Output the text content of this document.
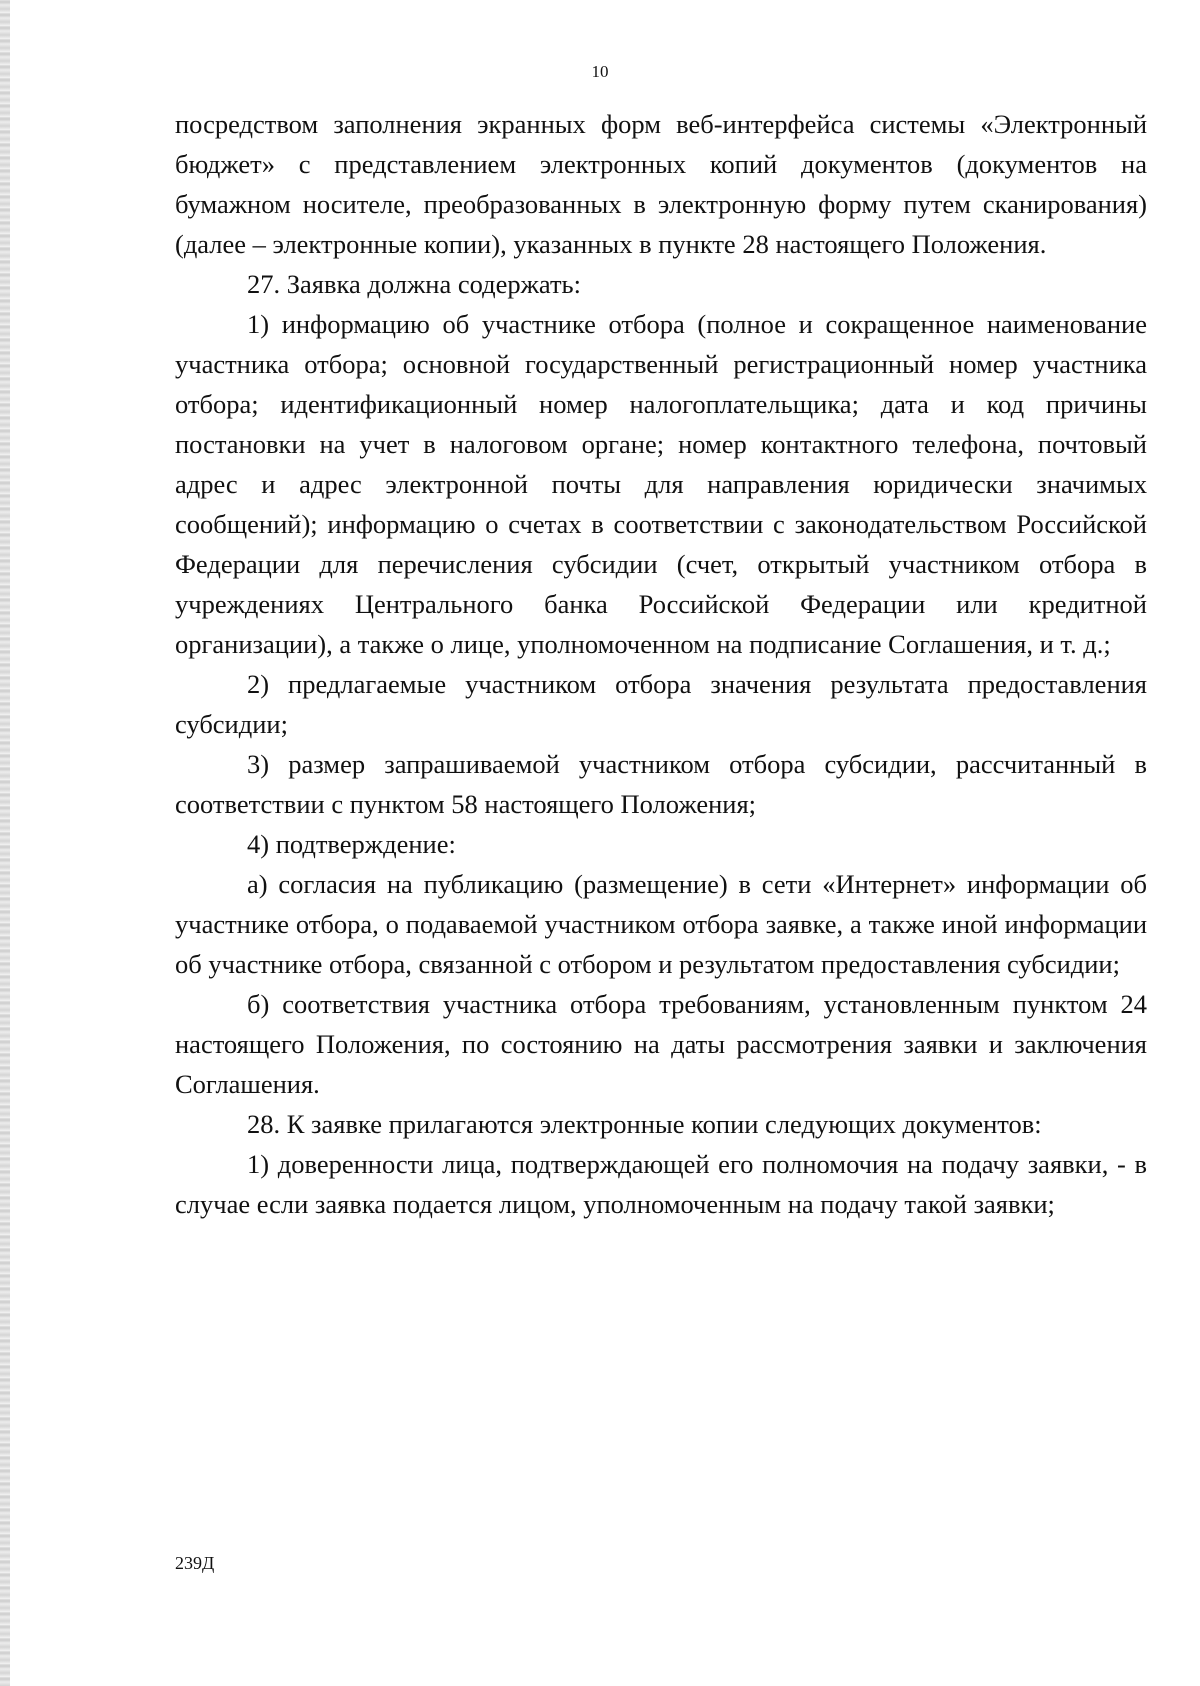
10

посредством заполнения экранных форм веб-интерфейса системы «Электронный бюджет» с представлением электронных копий документов (документов на бумажном носителе, преобразованных в электронную форму путем сканирования) (далее – электронные копии), указанных в пункте 28 настоящего Положения.

27. Заявка должна содержать:

1) информацию об участнике отбора (полное и сокращенное наименование участника отбора; основной государственный регистрационный номер участника отбора; идентификационный номер налогоплательщика; дата и код причины постановки на учет в налоговом органе; номер контактного телефона, почтовый адрес и адрес электронной почты для направления юридически значимых сообщений); информацию о счетах в соответствии с законодательством Российской Федерации для перечисления субсидии (счет, открытый участником отбора в учреждениях Центрального банка Российской Федерации или кредитной организации), а также о лице, уполномоченном на подписание Соглашения, и т. д.;

2) предлагаемые участником отбора значения результата предоставления субсидии;

3) размер запрашиваемой участником отбора субсидии, рассчитанный в соответствии с пунктом 58 настоящего Положения;

4) подтверждение:

а) согласия на публикацию (размещение) в сети «Интернет» информации об участнике отбора, о подаваемой участником отбора заявке, а также иной информации об участнике отбора, связанной с отбором и результатом предоставления субсидии;

б) соответствия участника отбора требованиям, установленным пунктом 24 настоящего Положения, по состоянию на даты рассмотрения заявки и заключения Соглашения.

28. К заявке прилагаются электронные копии следующих документов:

1) доверенности лица, подтверждающей его полномочия на подачу заявки, - в случае если заявка подается лицом, уполномоченным на подачу такой заявки;

239Д
